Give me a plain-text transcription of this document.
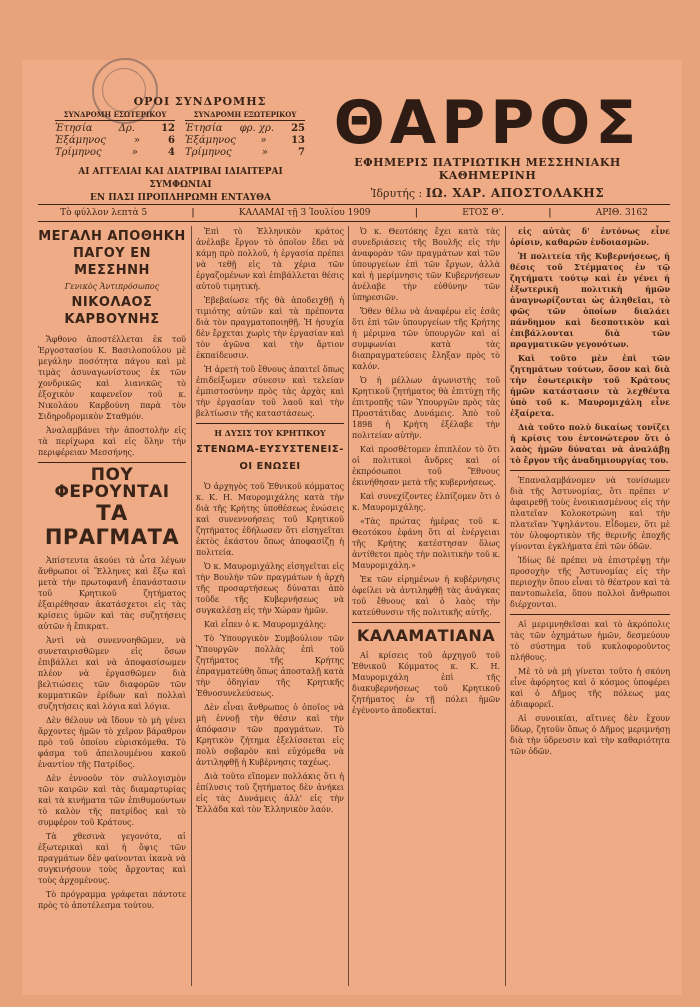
ΟΡΟΙ ΣΥΝΔΡΟΜΗΣ
ΣΥΝΔΡΟΜΗ ΕΣΩΤΕΡΙΚΟΥ
Ἐτησία	Δρ.	12
Ἑξάμηνος	»	6
Τρίμηνος	»	4
ΣΥΝΔΡΟΜΗ ΕΞΩΤΕΡΙΚΟΥ
Ἐτησία φρ. χρ. 25
Ἑξάμηνος » 13
Τρίμηνος	»	7
ΑΙ ΑΓΓΕΛΙΑΙ ΚΑΙ ΔΙΑΤΡΙΒΑΙ ΙΔΙΑΙΤΕΡΑΙ ΣΥΜΦΩΝΙΑΙ
ΕΝ ΠΑΣΙ ΠΡΟΠΛΗΡΩΜΗ ΕΝΤΑΥΘΑ
ΘΑΡΡΟΣ
ΕΦΗΜΕΡΙΣ ΠΑΤΡΙΩΤΙΚΗ ΜΕΣΣΗΝΙΑΚΗ ΚΑΘΗΜΕΡΙΝΗ
Ἱδρυτής : ΙΩ. ΧΑΡ. ΑΠΟΣΤΟΛΑΚΗΣ
Τὸ φύλλον λεπτὰ 5	|	ΚΑΛΑΜΑΙ τῇ 3 Ἰουλίου 1909	|	ΕΤΟΣ Θ'.	|	ΑΡΙΘ. 3162
ΜΕΓΑΛΗ ΑΠΟΘΗΚΗ ΠΑΓΟΥ ΕΝ ΜΕΣΣΗΝΗ
Γενικὸς Ἀντιπρόσωπος
ΝΙΚΟΛΑΟΣ ΚΑΡΒΟΥΝΗΣ

Ἄφθονο ἀποστέλλεται ἐκ τοῦ Ἐργοστασίου Κ. Βασιλοπούλου μὲ μεγάλην ποσότητα πάγου καὶ μὲ τιμὰς ἀσυναγωνίστους ἐκ τῶν χονδρικῶς καὶ λιανικῶς τὸ ἐξοχικὸν καφενεῖον τοῦ κ. Νικολάου Καρβούνη παρὰ τὸν Σιδηροδρομικὸν Σταθμόν.

Ἀναλαμβάνει τὴν ἀποστολὴν εἰς τὰ περίχωρα καὶ εἰς ὅλην τὴν περιφέρειαν Μεσσήνης.

ΠΟΥ ΦΕΡΟΥΝΤΑΙ
ΤΑ ΠΡΑΓΜΑΤΑ

Ἀπίστευτα ἀκούει τὰ ὦτα λέγων ἄνθρωποι οἱ Ἕλληνες καὶ ἔξω καὶ μετὰ τὴν πρωτοφανῆ ἐπανάστασιν τοῦ Κρητικοῦ ζητήματος ἐξαιρέθησαν ἀκατάσχετοι εἰς τὰς κρίσεις ὑμῶν καὶ τὰς συζητήσεις αὐτῶν ἡ ἔπικρατ.

Ἀντὶ νὰ συνεννοηθῶμεν, νὰ συνεταιρισθῶμεν εἰς ὅσων ἐπιβάλλει καὶ νὰ ἀποφασίσωμεν πλέον νὰ ἐργασθῶμεν διὰ βελτιώσεις τῶν διαφορῶν τῶν κομματικῶν ἐρίδων καὶ πολλαὶ συζητήσεις καὶ λόγια καὶ λόγια.

Δὲν θέλουν νὰ ἴδουν τὸ μὴ γένει ἄρχοντες ἡμῶν τὸ χεῖρον βάραθρον πρὸ τοῦ ὁποίου εὑρισκόμεθα. Τὸ φάσμα τοῦ ἀπειλουμένου κακοῦ ἐναντίον τῆς Πατρίδος.

Δὲν ἐννοοῦν τὸν συλλογισμὸν τῶν καιρῶν καὶ τὰς διαμαρτυρίας καὶ τὰ κινήματα τῶν ἐπιθυμούντων τὸ καλὸν τῆς πατρίδος καὶ τὸ συμφέρον τοῦ Κράτους.

Τὰ χθεσινὰ γεγονότα, αἱ ἐξωτερικαὶ καὶ ἡ ὄψις τῶν πραγμάτων δὲν φαίνονται ἱκανὰ νὰ συγκινήσουν τοὺς ἄρχοντας καὶ τοὺς ἀρχομένους.

Τὸ πρόγραμμα γράφεται πάντοτε πρὸς τὸ ἀποτέλεσμα τούτου.

Ἐπὶ τὸ Ἑλληνικὸν κράτος ἀνέλαβε ἔργον τὸ ὁποῖον ἔδει νὰ κάμῃ πρὸ πολλοῦ, ἡ ἐργασία πρέπει νὰ τεθῇ εἰς τὰ χέρια τῶν ἐργαζομένων καὶ ἐπιβάλλεται θέσις αὐτοῦ τιμητική.

Ἐβεβαίωσε τῆς θὰ ἀποδειχθῇ ἡ τιμιότης αὐτῶν καὶ τὰ πρέποντα διὰ τὸν πραγματοποιηθῇ. Ἡ ἡσυχία δὲν ἔρχεται χωρὶς τὴν ἐργασίαν καὶ τὸν ἀγῶνα καὶ τὴν ἄρτιον ἐκπαίδευσιν.

Ἡ ἀρετὴ τοῦ ἔθνους ἀπαιτεῖ ὅπως ἐπιδείξωμεν σύνεσιν καὶ τελείαν ἐμπιστοσύνην πρὸς τὰς ἀρχὰς καὶ τὴν ἐργασίαν τοῦ λαοῦ καὶ τὴν βελτίωσιν τῆς καταστάσεως.

Η ΔΥΣΙΣ ΤΟΥ ΚΡΗΤΙΚΟΥ
ΣΤΕΝΩΜΑ-ΕΥΣΥΣΤΕΝΕΙΣ-ΟΙ ΕΝΩΣΕΙ

Ὁ ἀρχηγὸς τοῦ Ἐθνικοῦ κόμματος κ. Κ. Η. Μαυρομιχάλης κατὰ τὴν διὰ τῆς Κρήτης ὑποθέσεως ἑνώσεις καὶ συνεννοήσεις τοῦ Κρητικοῦ ζητήματος ἐδήλωσεν ὅτι εἰσηγεῖται ἐκτὸς ἑκάστου ὅπως ἀποφασίζῃ ἡ πολιτεία.

Ὁ κ. Μαυρομιχάλης εἰσηγεῖται εἰς τὴν Βουλὴν τῶν πραγμάτων ἡ ἀρχὴ τῆς προσαρτήσεως δύναται ἀπὸ τοῦδε τῆς Κυβερνήσεως νὰ συγκαλέσῃ εἰς τὴν Χώραν ἡμῶν.

Καὶ εἶπεν ὁ κ. Μαυρομιχάλης:

Τὸ Ὑπουργικὸν Συμβούλιον τῶν Ὑπουργῶν πολλὰς ἐπὶ τοῦ ζητήματος τῆς Κρήτης ἐπραγματεύθη ὅπως ἀποσταλῇ κατὰ τὴν ὁδηγίαν τῆς Κρητικῆς Ἐθνοσυνελεύσεως.

Δὲν εἶναι ἄνθρωπος ὁ ὁποῖος νὰ μὴ ἐννοῇ τὴν θέσιν καὶ τὴν ἀπόφασιν τῶν πραγμάτων. Τὸ Κρητικὸν ζήτημα ἐξελίσσεται εἰς πολὺ σοβαρὸν καὶ εὐχόμεθα νὰ ἀντιληφθῇ ἡ Κυβέρνησις ταχέως.

Διὰ τοῦτο εἴπομεν πολλάκις ὅτι ἡ ἐπίλυσις τοῦ ζητήματος δὲν ἀνήκει εἰς τὰς Δυνάμεις ἀλλ' εἰς τὴν Ἑλλάδα καὶ τὸν Ἑλληνικὸν λαόν.

Ὁ κ. Θεοτόκης ἔχει κατὰ τὰς συνεδριάσεις τῆς Βουλῆς εἰς τὴν ἀναφορὰν τῶν πραγμάτων καὶ τῶν ὑπουργείων ἐπὶ τῶν ἔργων, ἀλλὰ καὶ ἡ μερίμνησις τῶν Κυβερνήσεων ἀνέλαβε τὴν εὐθύνην τῶν ὑπηρεσιῶν.

Ὅθεν θέλω νὰ ἀναφέρω εἰς ἐσᾶς ὅτι ἐπὶ τῶν ὑπουργείων τῆς Κρήτης ἡ μέριμνα τῶν ὑπουργῶν καὶ αἱ συμφωνίαι κατὰ τὰς διαπραγματεύσεις ἔληξαν πρὸς τὸ καλόν.

Ὁ ἡ μέλλων ἀγωνιστὴς τοῦ Κρητικοῦ ζητήματος θὰ ἐπιτύχῃ τῆς ἐπιτροπῆς τῶν Ὑπουργῶν πρὸς τὰς Προστάτιδας Δυνάμεις. Ἀπὸ τοῦ 1898 ἡ Κρήτη ἐξέλαβε τὴν πολιτείαν αὐτὴν.

Καὶ προσθέτομεν ἐπιπλέον τὸ ὅτι οἱ πολιτικοὶ ἄνδρες καὶ οἱ ἐκπρόσωποι τοῦ Ἔθνους ἐκινήθησαν μετὰ τῆς κυβερνήσεως.

Καὶ συνεχίζοντες ἐλπίζομεν ὅτι ὁ κ. Μαυρομιχάλης.

«Τὰς πρώτας ἡμέρας τοῦ κ. Θεοτόκου ἐφάνη ὅτι αἱ ἐνέργειαι τῆς Κρήτης κατέστησαν ὅλως ἀντίθετοι πρὸς τὴν πολιτικὴν τοῦ κ. Μαυρομιχάλη.»

Ἐκ τῶν εἰρημένων ἡ κυβέρνησις ὀφείλει νὰ ἀντιληφθῇ τὰς ἀνάγκας τοῦ ἔθνους καὶ ὁ λαὸς τὴν κατεύθυνσιν τῆς πολιτικῆς αὐτῆς.

ΚΑΛΑΜΑΤΙΑΝΑ

Αἱ κρίσεις τοῦ ἀρχηγοῦ τοῦ Ἐθνικοῦ Κόμματος κ. Κ. Η. Μαυρομιχάλη ἐπὶ τῆς διακυβερνήσεως τοῦ Κρητικοῦ ζητήματος ἐν τῇ πόλει ἡμῶν ἐγένοντο ἀποδεκταί.

εἰς αὐτὰς δ' ἐντόνως εἶνε ὁρίσιν, καθαρῶν ἐνδοιασμῶν.

Ἡ πολιτεία τῆς Κυβερνήσεως, ἡ θέσις τοῦ Στέμματος ἐν τῷ ζητήματι τούτῳ καὶ ἐν γένει ἡ ἐξωτερικὴ πολιτικὴ ἡμῶν ἀναγνωρίζονται ὡς ἀληθεῖαι, τὸ φῶς τῶν ὁποίων διαλάει πάνδημον καὶ δεσποτικὸν καὶ ἐπιβάλλονται διὰ τῶν πραγματικῶν γεγονότων.

Καὶ τοῦτο μὲν ἐπὶ τῶν ζητημάτων τούτων, ὅσον καὶ διὰ τὴν ἐσωτερικὴν τοῦ Κράτους ἡμῶν κατάστασιν τὰ λεχθέντα ὑπὸ τοῦ κ. Μαυρομιχάλη εἶνε ἐξαίρετα.

Διὰ τοῦτο πολὺ δικαίως τονίζει ἡ κρίσις του ἐντονώτερον ὅτι ὁ λαὸς ἡμῶν δύναται νὰ ἀναλάβῃ τὸ ἔργον τῆς ἀναδημιουργίας του.

Ἐπαναλαμβάνομεν νὰ τονίσωμεν διὰ τῆς Ἀστυνομίας, ὅτι πρέπει ν' ἀφαιρεθῇ τοὺς ἐνοικιασμένους εἰς τὴν πλατεῖαν Κολοκοτρώνη καὶ τὴν πλατεῖαν Ὑψηλάντου. Εἶδομεν, ὅτι μὲ τὸν ὑλοφορτικὸν τῆς θερινῆς ἐποχῆς γίνονται ἐγκλήματα ἐπὶ τῶν ὁδῶν.

Ἰδίως δὲ πρέπει νὰ ἐπιστρέψῃ τὴν προσοχὴν τῆς Ἀστυνομίας εἰς τὴν περιοχὴν ὅπου εἶναι τὸ θέατρον καὶ τὰ παντοπωλεῖα, ὅπου πολλοὶ ἄνθρωποι διέρχονται.

Αἱ μεριμνηθεῖσαι καὶ τὸ ἀκρόπολις τὰς τῶν ὀχημάτων ἡμῶν, δεσμεύουν τὸ σύστημα τοῦ κυκλοφοροῦντος πλήθους.

Μὲ τὸ νὰ μὴ γίνεται τοῦτο ἡ σκόνη εἶνε ἀφόρητος καὶ ὁ κόσμος ὑποφέρει καὶ ὁ Δῆμος τῆς πόλεως μας ἀδιαφορεῖ.

Αἱ συνοικίαι, αἵτινες δὲν ἔχουν ὕδωρ, ζητοῦν ὅπως ὁ Δῆμος μεριμνήσῃ διὰ τὴν ὑδρευσιν καὶ τὴν καθαριότητα τῶν ὁδῶν.
